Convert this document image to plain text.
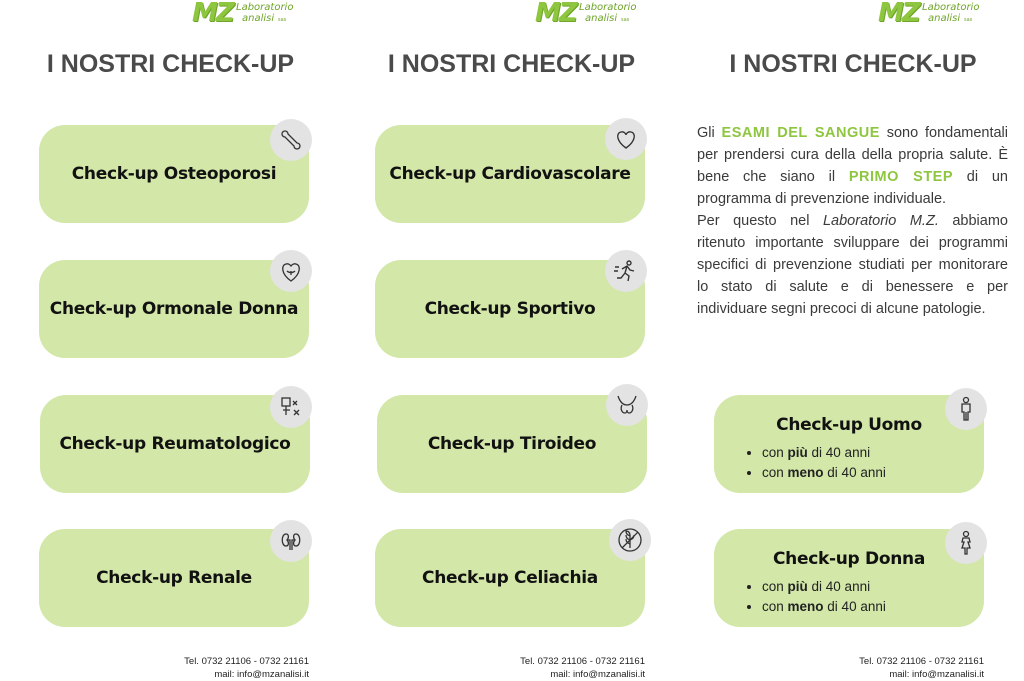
MZ Laboratorio
analisi sas
I NOSTRI CHECK-UP
Check-up Osteoporosi
Check-up Ormonale Donna
Check-up Reumatologico
Check-up Renale
Tel. 0732 21106 - 0732 21161
mail: info@mzanalisi.it
MZ Laboratorio
analisi sas
I NOSTRI CHECK-UP
Check-up Cardiovascolare
Check-up Sportivo
Check-up Tiroideo
Check-up Celiachia
Tel. 0732 21106 - 0732 21161
mail: info@mzanalisi.it
MZ Laboratorio
analisi sas
I NOSTRI CHECK-UP
Tel. 0732 21106 - 0732 21161
mail: info@mzanalisi.it

Gli ESAMI DEL SANGUE sono fondamentali per prendersi cura della della propria salute. È bene che siano il PRIMO STEP di un programma di prevenzione individuale.

Per questo nel Laboratorio M.Z. abbiamo ritenuto importante sviluppare dei programmi specifici di prevenzione studiati per monitorare lo stato di salute e di benessere e per individuare segni precoci di alcune patologie.

Check-up Uomo
• con più di 40 anni
• con meno di 40 anni
Check-up Donna
• con più di 40 anni
• con meno di 40 anni
